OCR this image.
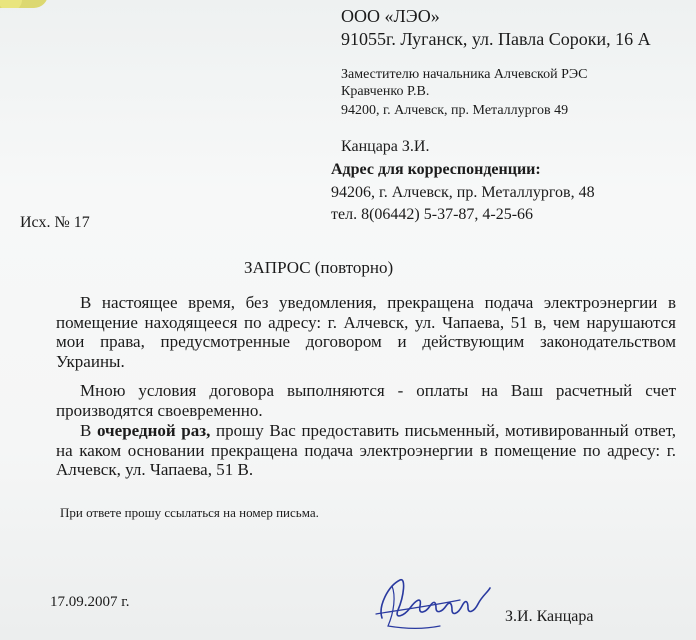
ООО «ЛЭО»
91055г. Луганск, ул. Павла Сороки, 16 А
Заместителю начальника Алчевской РЭС
Кравченко Р.В.
94200, г. Алчевск, пр. Металлургов 49
Канцара З.И.
Адрес для корреспонденции:
94206, г. Алчевск, пр. Металлургов, 48
тел. 8(06442) 5-37-87, 4-25-66
Исх. № 17
ЗАПРОС (повторно)
В настоящее время, без уведомления, прекращена подача электроэнергии в помещение находящееся по адресу: г. Алчевск, ул. Чапаева, 51 в, чем нарушаются мои права, предусмотренные договором и действующим законодательством Украины.
Мною условия договора выполняются - оплаты на Ваш расчетный счет производятся своевременно.
В очередной раз, прошу Вас предоставить письменный, мотивированный ответ, на каком основании прекращена подача электроэнергии в помещение по адресу: г. Алчевск, ул. Чапаева, 51 В.
При ответе прошу ссылаться на номер письма.
17.09.2007 г.
З.И. Канцара
